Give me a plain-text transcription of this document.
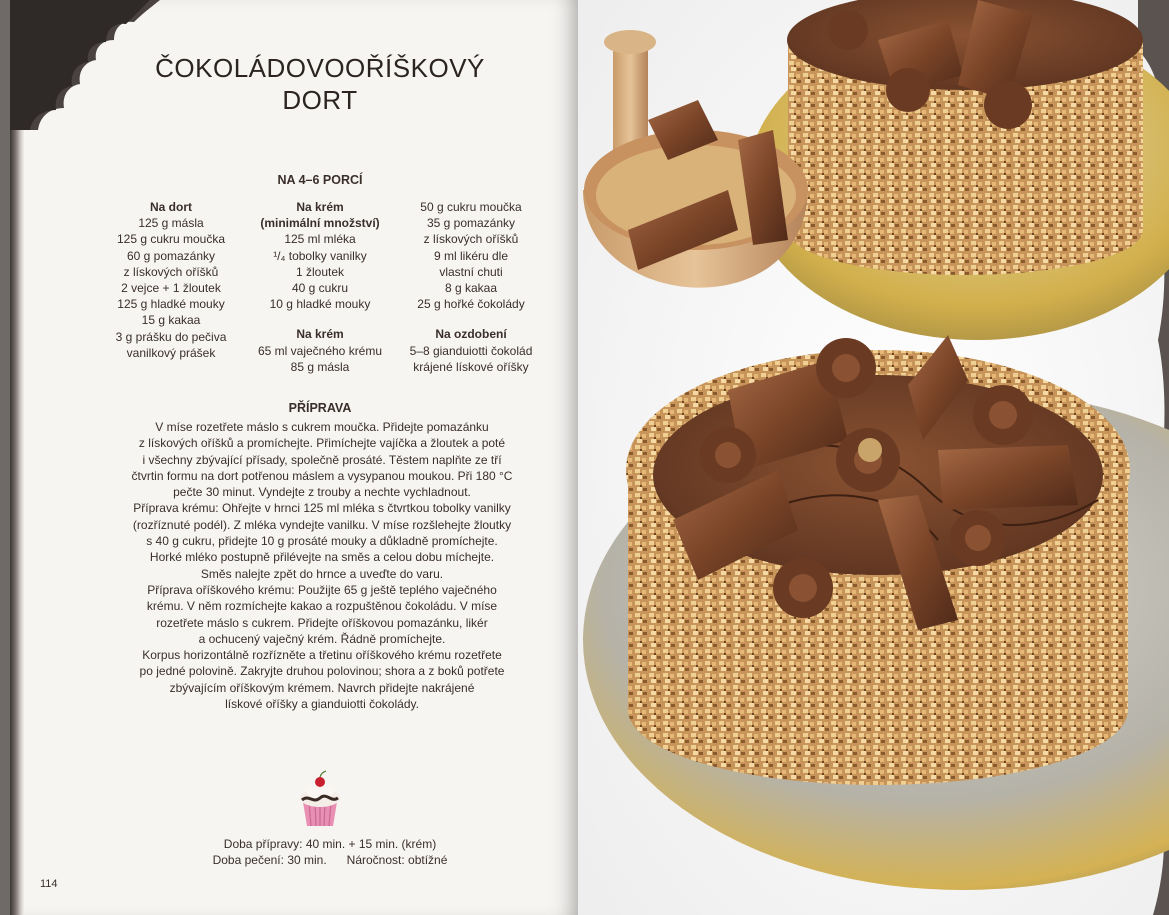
ČOKOLÁDOVOOŘÍŠKOVÝ
DORT
NA 4–6 PORCÍ
Na dort
125 g másla
125 g cukru moučka
60 g pomazánky
z lískových oříšků
2 vejce + 1 žloutek
125 g hladké mouky
15 g kakaa
3 g prášku do pečiva
vanilkový prášek
Na krém
(minimální množství)
125 ml mléka
¹/₄ tobolky vanilky
1 žloutek
40 g cukru
10 g hladké mouky
Na krém
65 ml vaječného krému
85 g másla
50 g cukru moučka
35 g pomazánky
z lískových oříšků
9 ml likéru dle
vlastní chuti
8 g kakaa
25 g hořké čokolády
Na ozdobení
5–8 gianduiotti čokolád
krájené lískové oříšky
PŘÍPRAVA
V míse rozetřete máslo s cukrem moučka. Přidejte pomazánku
z lískových oříšků a promíchejte. Přimíchejte vajíčka a žloutek a poté
i všechny zbývající přísady, společně prosáté. Těstem naplňte ze tří
čtvrtin formu na dort potřenou máslem a vysypanou moukou. Při 180 °C
pečte 30 minut. Vyndejte z trouby a nechte vychladnout.
Příprava krému: Ohřejte v hrnci 125 ml mléka s čtvrtkou tobolky vanilky
(rozříznuté podél). Z mléka vyndejte vanilku. V míse rozšlehejte žloutky
s 40 g cukru, přidejte 10 g prosáté mouky a důkladně promíchejte.
Horké mléko postupně přilévejte na směs a celou dobu míchejte.
Směs nalejte zpět do hrnce a uveďte do varu.
Příprava oříškového krému: Použijte 65 g ještě teplého vaječného
krému. V něm rozmíchejte kakao a rozpuštěnou čokoládu. V míse
rozetřete máslo s cukrem. Přidejte oříškovou pomazánku, likér
a ochucený vaječný krém. Řádně promíchejte.
Korpus horizontálně rozřízněte a třetinu oříškového krému rozetřete
po jedné polovině. Zakryjte druhou polovinou; shora a z boků potřete
zbývajícím oříškovým krémem. Navrch přidejte nakrájené
lískové oříšky a gianduiotti čokolády.
Doba přípravy: 40 min. + 15 min. (krém)
Doba pečení: 30 min.      Náročnost: obtížné
114
